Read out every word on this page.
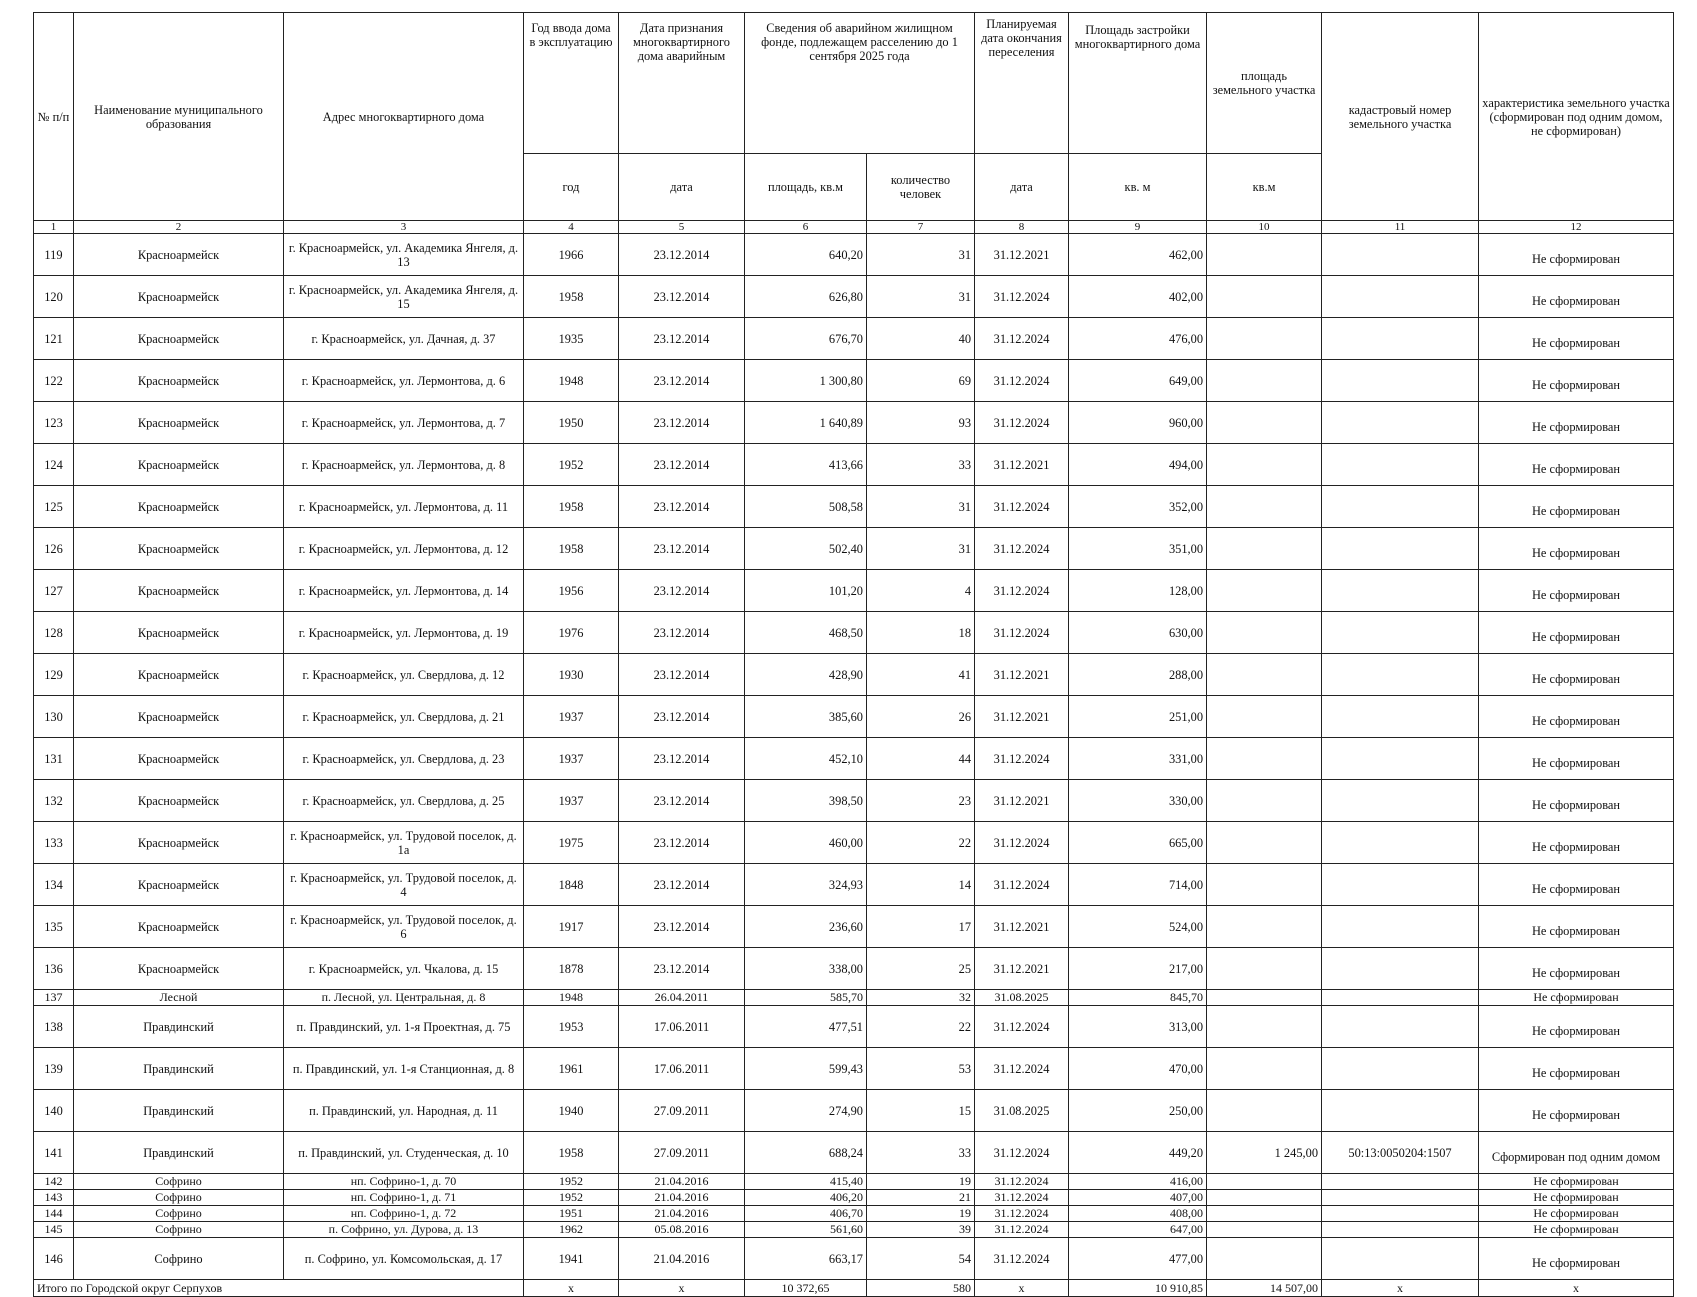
№ п/п	Наименование муниципального образования	Адрес многоквартирного дома	Год ввода дома в эксплуатацию	Дата признания многоквартирного дома аварийным	Сведения об аварийном жилищном фонде, подлежащем расселению до 1 сентября 2025 года		Планируемая дата окончания переселения	Площадь застройки многоквартирного дома	площадь земельного участка	кадастровый номер земельного участка	характеристика земельного участка (сформирован под одним домом, не сформирован)
			год	дата	площадь, кв.м	количество человек	дата	кв. м	кв.м		
1	2	3	4	5	6	7	8	9	10	11	12
119	Красноармейск	г. Красноармейск, ул. Академика Янгеля, д. 13	1966	23.12.2014	640,20	31	31.12.2021	462,00			Не сформирован
120	Красноармейск	г. Красноармейск, ул. Академика Янгеля, д. 15	1958	23.12.2014	626,80	31	31.12.2024	402,00			Не сформирован
121	Красноармейск	г. Красноармейск, ул. Дачная, д. 37	1935	23.12.2014	676,70	40	31.12.2024	476,00			Не сформирован
122	Красноармейск	г. Красноармейск, ул. Лермонтова, д. 6	1948	23.12.2014	1 300,80	69	31.12.2024	649,00			Не сформирован
123	Красноармейск	г. Красноармейск, ул. Лермонтова, д. 7	1950	23.12.2014	1 640,89	93	31.12.2024	960,00			Не сформирован
124	Красноармейск	г. Красноармейск, ул. Лермонтова, д. 8	1952	23.12.2014	413,66	33	31.12.2021	494,00			Не сформирован
125	Красноармейск	г. Красноармейск, ул. Лермонтова, д. 11	1958	23.12.2014	508,58	31	31.12.2024	352,00			Не сформирован
126	Красноармейск	г. Красноармейск, ул. Лермонтова, д. 12	1958	23.12.2014	502,40	31	31.12.2024	351,00			Не сформирован
127	Красноармейск	г. Красноармейск, ул. Лермонтова, д. 14	1956	23.12.2014	101,20	4	31.12.2024	128,00			Не сформирован
128	Красноармейск	г. Красноармейск, ул. Лермонтова, д. 19	1976	23.12.2014	468,50	18	31.12.2024	630,00			Не сформирован
129	Красноармейск	г. Красноармейск, ул. Свердлова, д. 12	1930	23.12.2014	428,90	41	31.12.2021	288,00			Не сформирован
130	Красноармейск	г. Красноармейск, ул. Свердлова, д. 21	1937	23.12.2014	385,60	26	31.12.2021	251,00			Не сформирован
131	Красноармейск	г. Красноармейск, ул. Свердлова, д. 23	1937	23.12.2014	452,10	44	31.12.2024	331,00			Не сформирован
132	Красноармейск	г. Красноармейск, ул. Свердлова, д. 25	1937	23.12.2014	398,50	23	31.12.2021	330,00			Не сформирован
133	Красноармейск	г. Красноармейск, ул. Трудовой поселок, д. 1а	1975	23.12.2014	460,00	22	31.12.2024	665,00			Не сформирован
134	Красноармейск	г. Красноармейск, ул. Трудовой поселок, д. 4	1848	23.12.2014	324,93	14	31.12.2024	714,00			Не сформирован
135	Красноармейск	г. Красноармейск, ул. Трудовой поселок, д. 6	1917	23.12.2014	236,60	17	31.12.2021	524,00			Не сформирован
136	Красноармейск	г. Красноармейск, ул. Чкалова, д. 15	1878	23.12.2014	338,00	25	31.12.2021	217,00			Не сформирован
137	Лесной	п. Лесной, ул. Центральная, д. 8	1948	26.04.2011	585,70	32	31.08.2025	845,70			Не сформирован
138	Правдинский	п. Правдинский, ул. 1-я Проектная, д. 75	1953	17.06.2011	477,51	22	31.12.2024	313,00			Не сформирован
139	Правдинский	п. Правдинский, ул. 1-я Станционная, д. 8	1961	17.06.2011	599,43	53	31.12.2024	470,00			Не сформирован
140	Правдинский	п. Правдинский, ул. Народная, д. 11	1940	27.09.2011	274,90	15	31.08.2025	250,00			Не сформирован
141	Правдинский	п. Правдинский, ул. Студенческая, д. 10	1958	27.09.2011	688,24	33	31.12.2024	449,20	1 245,00	50:13:0050204:1507	Сформирован под одним домом
142	Софрино	нп. Софрино-1, д. 70	1952	21.04.2016	415,40	19	31.12.2024	416,00			Не сформирован
143	Софрино	нп. Софрино-1, д. 71	1952	21.04.2016	406,20	21	31.12.2024	407,00			Не сформирован
144	Софрино	нп. Софрино-1, д. 72	1951	21.04.2016	406,70	19	31.12.2024	408,00			Не сформирован
145	Софрино	п. Софрино, ул. Дурова, д. 13	1962	05.08.2016	561,60	39	31.12.2024	647,00			Не сформирован
146	Софрино	п. Софрино, ул. Комсомольская, д. 17	1941	21.04.2016	663,17	54	31.12.2024	477,00			Не сформирован
Итого по Городской округ Серпухов			х	х	10 372,65	580	х	10 910,85	14 507,00	х	х
